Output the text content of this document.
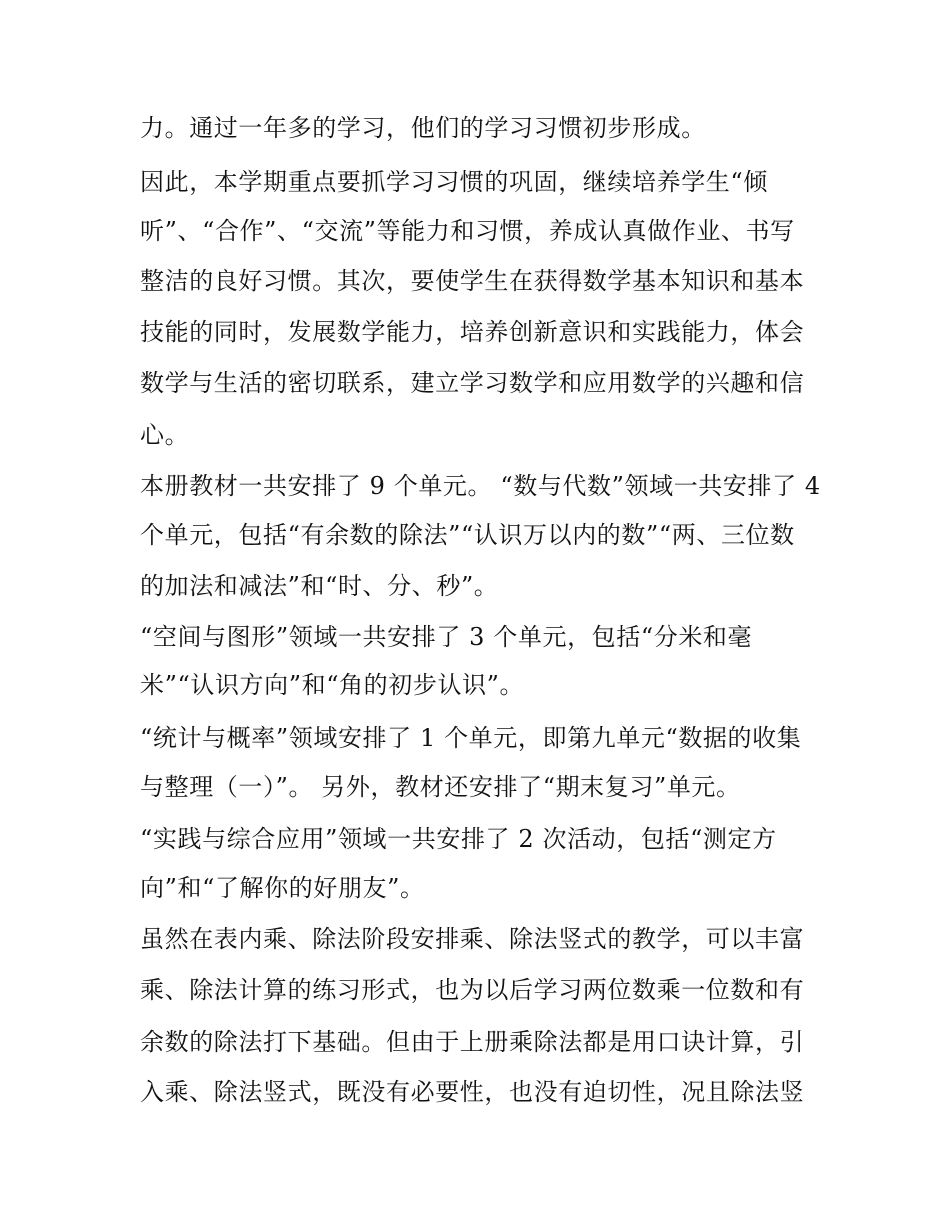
力。通过一年多的学习，他们的学习习惯初步形成。
因此，本学期重点要抓学习习惯的巩固，继续培养学生“倾
听”、“合作”、“交流”等能力和习惯，养成认真做作业、书写
整洁的良好习惯。其次，要使学生在获得数学基本知识和基本
技能的同时，发展数学能力，培养创新意识和实践能力，体会
数学与生活的密切联系，建立学习数学和应用数学的兴趣和信
心。
本册教材一共安排了 9 个单元。 “数与代数”领域一共安排了 4
个单元，包括“有余数的除法”“认识万以内的数”“两、三位数
的加法和减法”和“时、分、秒”。
“空间与图形”领域一共安排了 3 个单元，包括“分米和毫
米”“认识方向”和“角的初步认识”。
“统计与概率”领域安排了 1 个单元，即第九单元“数据的收集
与整理（一）”。 另外，教材还安排了“期末复习”单元。
“实践与综合应用”领域一共安排了 2 次活动，包括“测定方
向”和“了解你的好朋友”。
虽然在表内乘、除法阶段安排乘、除法竖式的教学，可以丰富
乘、除法计算的练习形式，也为以后学习两位数乘一位数和有
余数的除法打下基础。但由于上册乘除法都是用口诀计算，引
入乘、除法竖式，既没有必要性，也没有迫切性，况且除法竖
